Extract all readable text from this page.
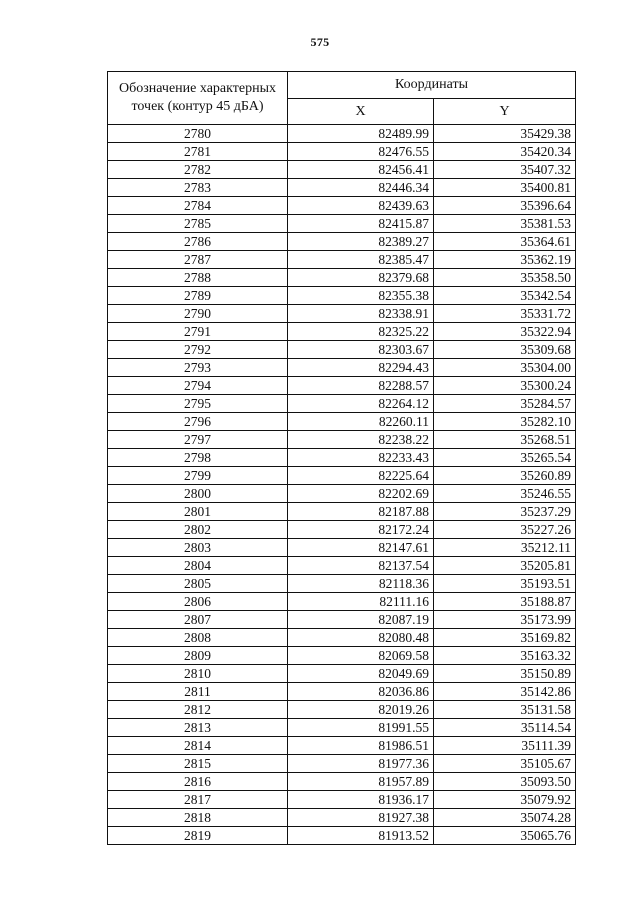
575
Обозначение характерных точек (контур 45 дБА)	Координаты	
	X	Y
2780	82489.99	35429.38
2781	82476.55	35420.34
2782	82456.41	35407.32
2783	82446.34	35400.81
2784	82439.63	35396.64
2785	82415.87	35381.53
2786	82389.27	35364.61
2787	82385.47	35362.19
2788	82379.68	35358.50
2789	82355.38	35342.54
2790	82338.91	35331.72
2791	82325.22	35322.94
2792	82303.67	35309.68
2793	82294.43	35304.00
2794	82288.57	35300.24
2795	82264.12	35284.57
2796	82260.11	35282.10
2797	82238.22	35268.51
2798	82233.43	35265.54
2799	82225.64	35260.89
2800	82202.69	35246.55
2801	82187.88	35237.29
2802	82172.24	35227.26
2803	82147.61	35212.11
2804	82137.54	35205.81
2805	82118.36	35193.51
2806	82111.16	35188.87
2807	82087.19	35173.99
2808	82080.48	35169.82
2809	82069.58	35163.32
2810	82049.69	35150.89
2811	82036.86	35142.86
2812	82019.26	35131.58
2813	81991.55	35114.54
2814	81986.51	35111.39
2815	81977.36	35105.67
2816	81957.89	35093.50
2817	81936.17	35079.92
2818	81927.38	35074.28
2819	81913.52	35065.76
